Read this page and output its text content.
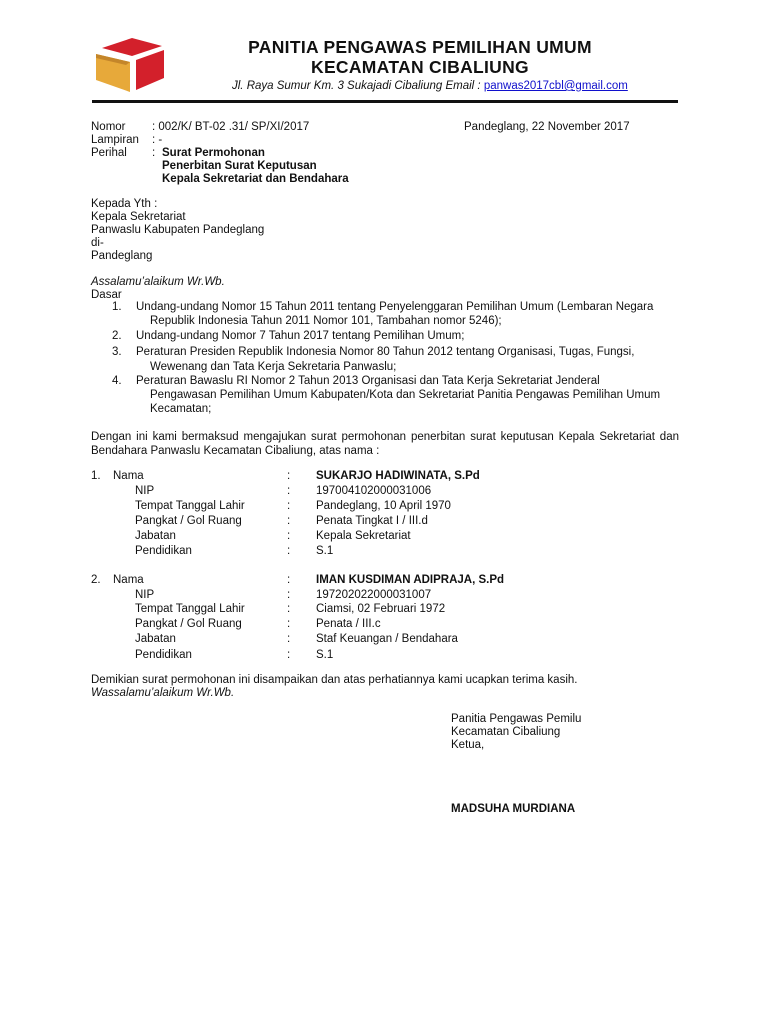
PANITIA PENGAWAS PEMILIHAN UMUM
KECAMATAN CIBALIUNG
Jl. Raya Sumur Km. 3 Sukajadi Cibaliung Email : panwas2017cbl@gmail.com
Nomor : 002/K/ BT-02 .31/ SP/XI/2017
Lampiran : -
Perihal : Surat Permohonan
Penerbitan Surat Keputusan
Kepala Sekretariat dan Bendahara
Pandeglang, 22 November 2017
Kepada Yth :
Kepala Sekretariat
Panwaslu Kabupaten Pandeglang
di-
Pandeglang
Assalamu’alaikum Wr.Wb.
Dasar
1. Undang-undang Nomor 15 Tahun 2011 tentang Penyelenggaran Pemilihan Umum (Lembaran Negara
Republik Indonesia Tahun 2011 Nomor 101, Tambahan nomor 5246);
2. Undang-undang Nomor 7 Tahun 2017 tentang Pemilihan Umum;
3. Peraturan Presiden Republik Indonesia Nomor 80 Tahun 2012 tentang Organisasi, Tugas, Fungsi,
Wewenang dan Tata Kerja Sekretaria Panwaslu;
4. Peraturan Bawaslu RI Nomor 2 Tahun 2013 Organisasi dan Tata Kerja Sekretariat Jenderal
Pengawasan Pemilihan Umum Kabupaten/Kota dan Sekretariat Panitia Pengawas Pemilihan Umum
Kecamatan;
Dengan ini kami bermaksud mengajukan surat permohonan penerbitan surat keputusan Kepala Sekretariat dan
Bendahara Panwaslu Kecamatan Cibaliung, atas nama :
1. Nama	: SUKARJO HADIWINATA, S.Pd
NIP	: 197004102000031006
Tempat Tanggal Lahir	: Pandeglang, 10 April 1970
Pangkat / Gol Ruang	: Penata Tingkat I / III.d
Jabatan	: Kepala Sekretariat
Pendidikan	: S.1
2. Nama	: IMAN KUSDIMAN ADIPRAJA, S.Pd
NIP	: 197202022000031007
Tempat Tanggal Lahir	: Ciamsi, 02 Februari 1972
Pangkat / Gol Ruang	: Penata / III.c
Jabatan	: Staf Keuangan / Bendahara
Pendidikan	: S.1
Demikian surat permohonan ini disampaikan dan atas perhatiannya kami ucapkan terima kasih.
Wassalamu’alaikum Wr.Wb.
Panitia Pengawas Pemilu
Kecamatan Cibaliung
Ketua,
MADSUHA MURDIANA
